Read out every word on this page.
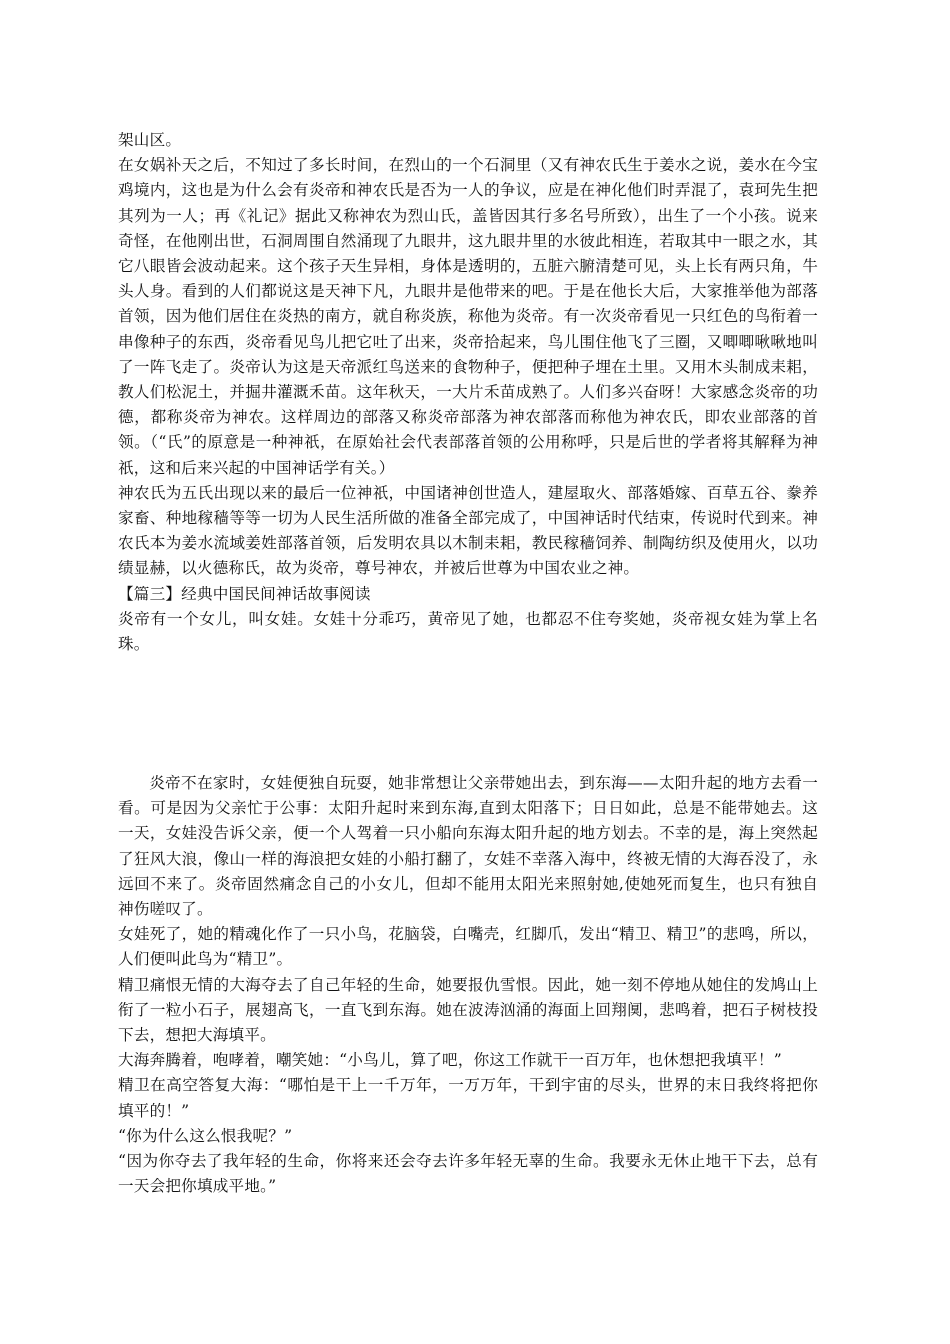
架山区。

在女娲补天之后，不知过了多长时间，在烈山的一个石洞里（又有神农氏生于姜水之说，姜水在今宝鸡境内，这也是为什么会有炎帝和神农氏是否为一人的争议，应是在神化他们时弄混了，袁珂先生把其列为一人；再《礼记》据此又称神农为烈山氏，盖皆因其行多名号所致），出生了一个小孩。说来奇怪，在他刚出世，石洞周围自然涌现了九眼井，这九眼井里的水彼此相连，若取其中一眼之水，其它八眼皆会波动起来。这个孩子天生异相，身体是透明的，五脏六腑清楚可见，头上长有两只角，牛头人身。看到的人们都说这是天神下凡，九眼井是他带来的吧。于是在他长大后，大家推举他为部落首领，因为他们居住在炎热的南方，就自称炎族，称他为炎帝。有一次炎帝看见一只红色的鸟衔着一串像种子的东西，炎帝看见鸟儿把它吐了出来，炎帝拾起来，鸟儿围住他飞了三圈，又唧唧啾啾地叫了一阵飞走了。炎帝认为这是天帝派红鸟送来的食物种子，便把种子埋在土里。又用木头制成耒耜，教人们松泥土，并掘井灌溉禾苗。这年秋天，一大片禾苗成熟了。人们多兴奋呀！大家感念炎帝的功德，都称炎帝为神农。这样周边的部落又称炎帝部落为神农部落而称他为神农氏，即农业部落的首领。（“氏”的原意是一种神祇，在原始社会代表部落首领的公用称呼，只是后世的学者将其解释为神祇，这和后来兴起的中国神话学有关。）

神农氏为五氏出现以来的最后一位神祇，中国诸神创世造人，建屋取火、部落婚嫁、百草五谷、豢养家畜、种地稼穑等等一切为人民生活所做的准备全部完成了，中国神话时代结束，传说时代到来。神农氏本为姜水流域姜姓部落首领，后发明农具以木制耒耜，教民稼穑饲养、制陶纺织及使用火，以功绩显赫，以火德称氏，故为炎帝，尊号神农，并被后世尊为中国农业之神。

【篇三】经典中国民间神话故事阅读

炎帝有一个女儿，叫女娃。女娃十分乖巧，黄帝见了她，也都忍不住夸奖她，炎帝视女娃为掌上名珠。

炎帝不在家时，女娃便独自玩耍，她非常想让父亲带她出去，到东海——太阳升起的地方去看一看。可是因为父亲忙于公事：太阳升起时来到东海,直到太阳落下；日日如此，总是不能带她去。这一天，女娃没告诉父亲，便一个人驾着一只小船向东海太阳升起的地方划去。不幸的是，海上突然起了狂风大浪，像山一样的海浪把女娃的小船打翻了，女娃不幸落入海中，终被无情的大海吞没了，永远回不来了。炎帝固然痛念自己的小女儿，但却不能用太阳光来照射她,使她死而复生，也只有独自神伤嗟叹了。

女娃死了，她的精魂化作了一只小鸟，花脑袋，白嘴壳，红脚爪，发出“精卫、精卫”的悲鸣，所以，人们便叫此鸟为“精卫”。

精卫痛恨无情的大海夺去了自己年轻的生命，她要报仇雪恨。因此，她一刻不停地从她住的发鸠山上衔了一粒小石子，展翅高飞，一直飞到东海。她在波涛汹涌的海面上回翔阒，悲鸣着，把石子树枝投下去，想把大海填平。

大海奔腾着，咆哮着，嘲笑她：“小鸟儿，算了吧，你这工作就干一百万年，也休想把我填平！”

精卫在高空答复大海：“哪怕是干上一千万年，一万万年，干到宇宙的尽头，世界的末日我终将把你填平的！”

“你为什么这么恨我呢？”

“因为你夺去了我年轻的生命，你将来还会夺去许多年轻无辜的生命。我要永无休止地干下去，总有一天会把你填成平地。”
